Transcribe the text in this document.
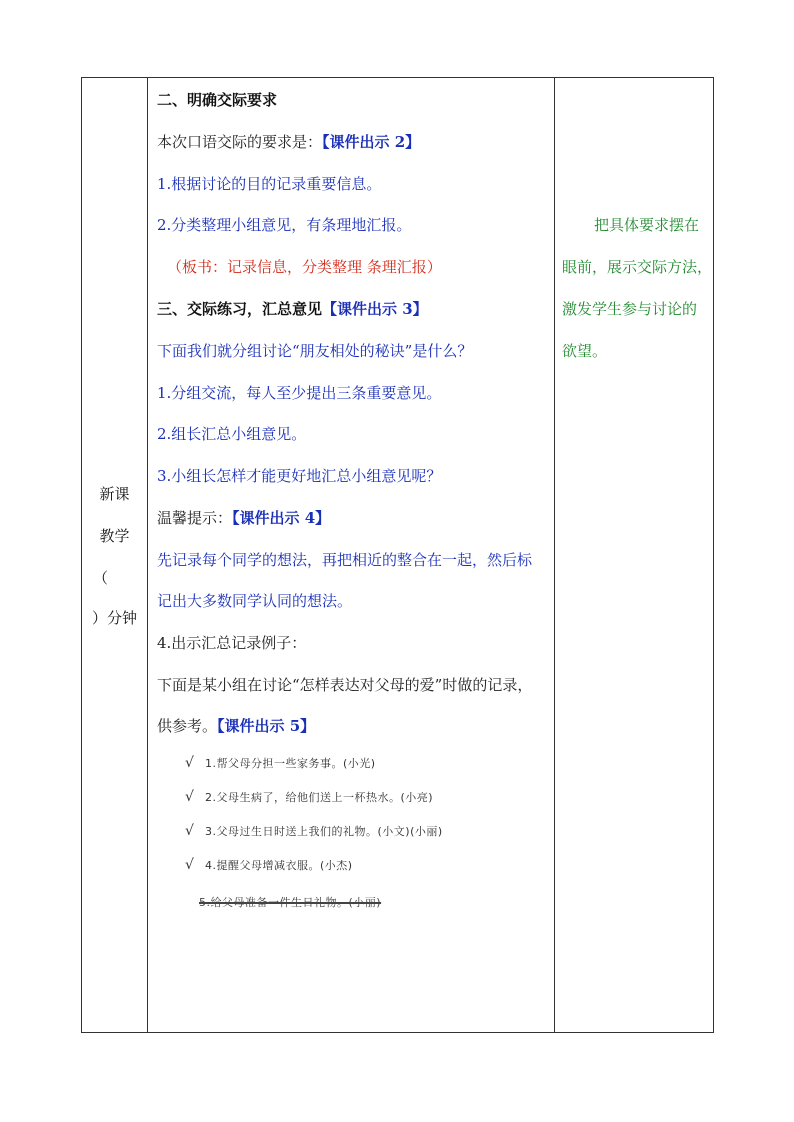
新课
教学
（
）分钟
二、明确交际要求
本次口语交际的要求是：【课件出示 2】
1.根据讨论的目的记录重要信息。
2.分类整理小组意见，有条理地汇报。
（板书：记录信息，分类整理 条理汇报）
三、交际练习，汇总意见【课件出示 3】
下面我们就分组讨论“朋友相处的秘诀”是什么？
1.分组交流，每人至少提出三条重要意见。
2.组长汇总小组意见。
3.小组长怎样才能更好地汇总小组意见呢？
温馨提示：【课件出示 4】
先记录每个同学的想法，再把相近的整合在一起，然后标
记出大多数同学认同的想法。
4.出示汇总记录例子：
下面是某小组在讨论“怎样表达对父母的爱”时做的记录，
供参考。【课件出示 5】
√ 1.帮父母分担一些家务事。(小光)
√ 2.父母生病了，给他们送上一杯热水。(小亮)
√ 3.父母过生日时送上我们的礼物。(小文)(小丽)
√ 4.提醒父母增减衣服。(小杰)
5.给父母准备一件生日礼物。(小丽)
把具体要求摆在
眼前，展示交际方法，
激发学生参与讨论的
欲望。
